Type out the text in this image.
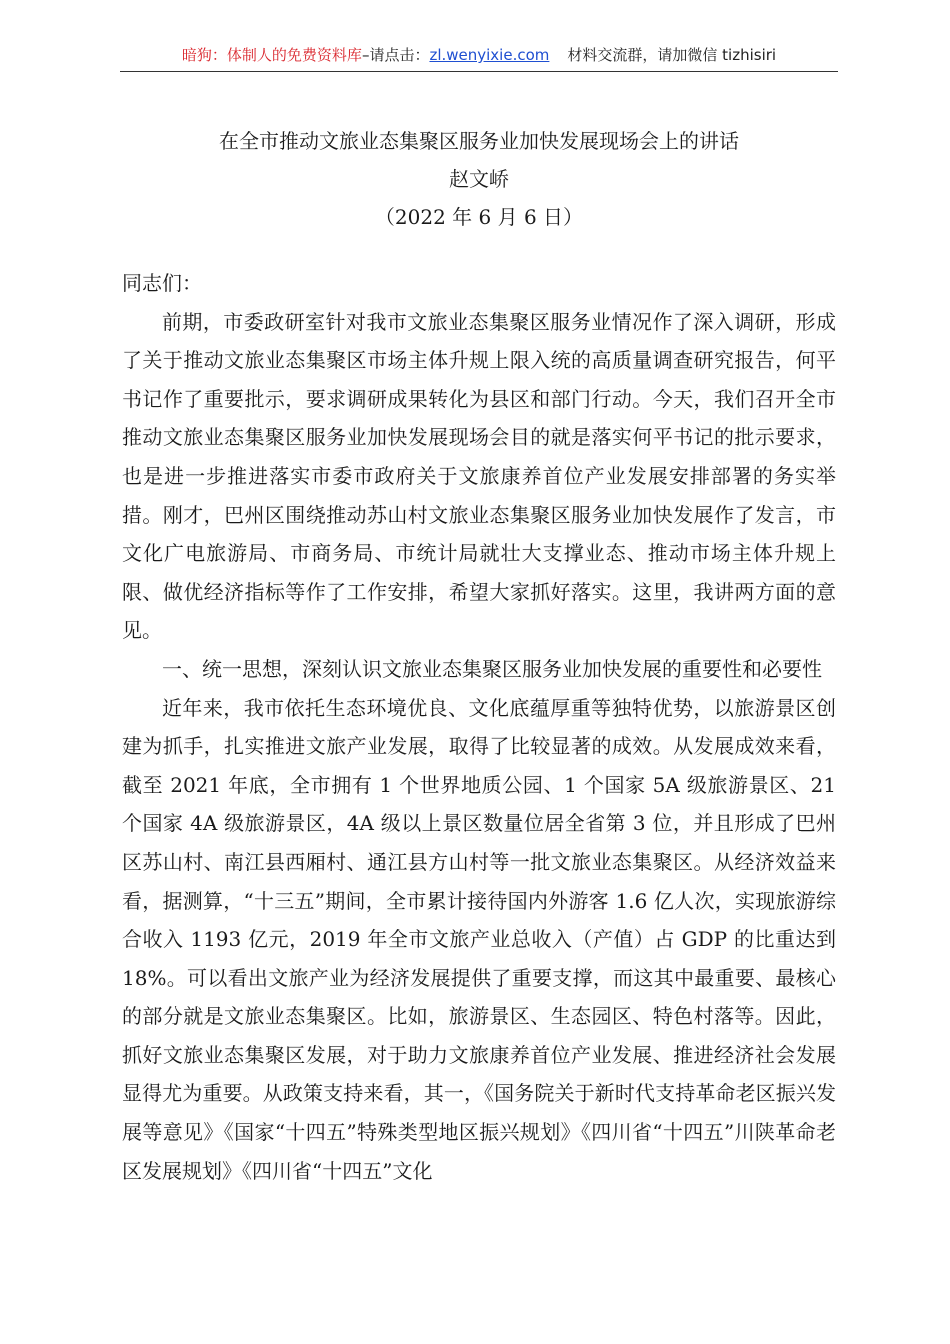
暗狗：体制人的免费资料库–请点击：zl.wenyixie.com 材料交流群，请加微信 tizhisiri
在全市推动文旅业态集聚区服务业加快发展现场会上的讲话
赵文峤
（2022 年 6 月 6 日）

同志们：

前期，市委政研室针对我市文旅业态集聚区服务业情况作了深入调研，形成了关于推动文旅业态集聚区市场主体升规上限入统的高质量调查研究报告，何平书记作了重要批示，要求调研成果转化为县区和部门行动。今天，我们召开全市推动文旅业态集聚区服务业加快发展现场会目的就是落实何平书记的批示要求，也是进一步推进落实市委市政府关于文旅康养首位产业发展安排部署的务实举措。刚才，巴州区围绕推动苏山村文旅业态集聚区服务业加快发展作了发言，市文化广电旅游局、市商务局、市统计局就壮大支撑业态、推动市场主体升规上限、做优经济指标等作了工作安排，希望大家抓好落实。这里，我讲两方面的意见。

一、统一思想，深刻认识文旅业态集聚区服务业加快发展的重要性和必要性

近年来，我市依托生态环境优良、文化底蕴厚重等独特优势，以旅游景区创建为抓手，扎实推进文旅产业发展，取得了比较显著的成效。从发展成效来看，截至 2021 年底，全市拥有 1 个世界地质公园、1 个国家 5A 级旅游景区、21 个国家 4A 级旅游景区，4A 级以上景区数量位居全省第 3 位，并且形成了巴州区苏山村、南江县西厢村、通江县方山村等一批文旅业态集聚区。从经济效益来看，据测算，“十三五”期间，全市累计接待国内外游客 1.6 亿人次，实现旅游综合收入 1193 亿元，2019 年全市文旅产业总收入（产值）占 GDP 的比重达到 18%。可以看出文旅产业为经济发展提供了重要支撑，而这其中最重要、最核心的部分就是文旅业态集聚区。比如，旅游景区、生态园区、特色村落等。因此，抓好文旅业态集聚区发展，对于助力文旅康养首位产业发展、推进经济社会发展显得尤为重要。从政策支持来看，其一，《国务院关于新时代支持革命老区振兴发展等意见》《国家“十四五”特殊类型地区振兴规划》《四川省“十四五”川陕革命老区发展规划》《四川省“十四五”文化
